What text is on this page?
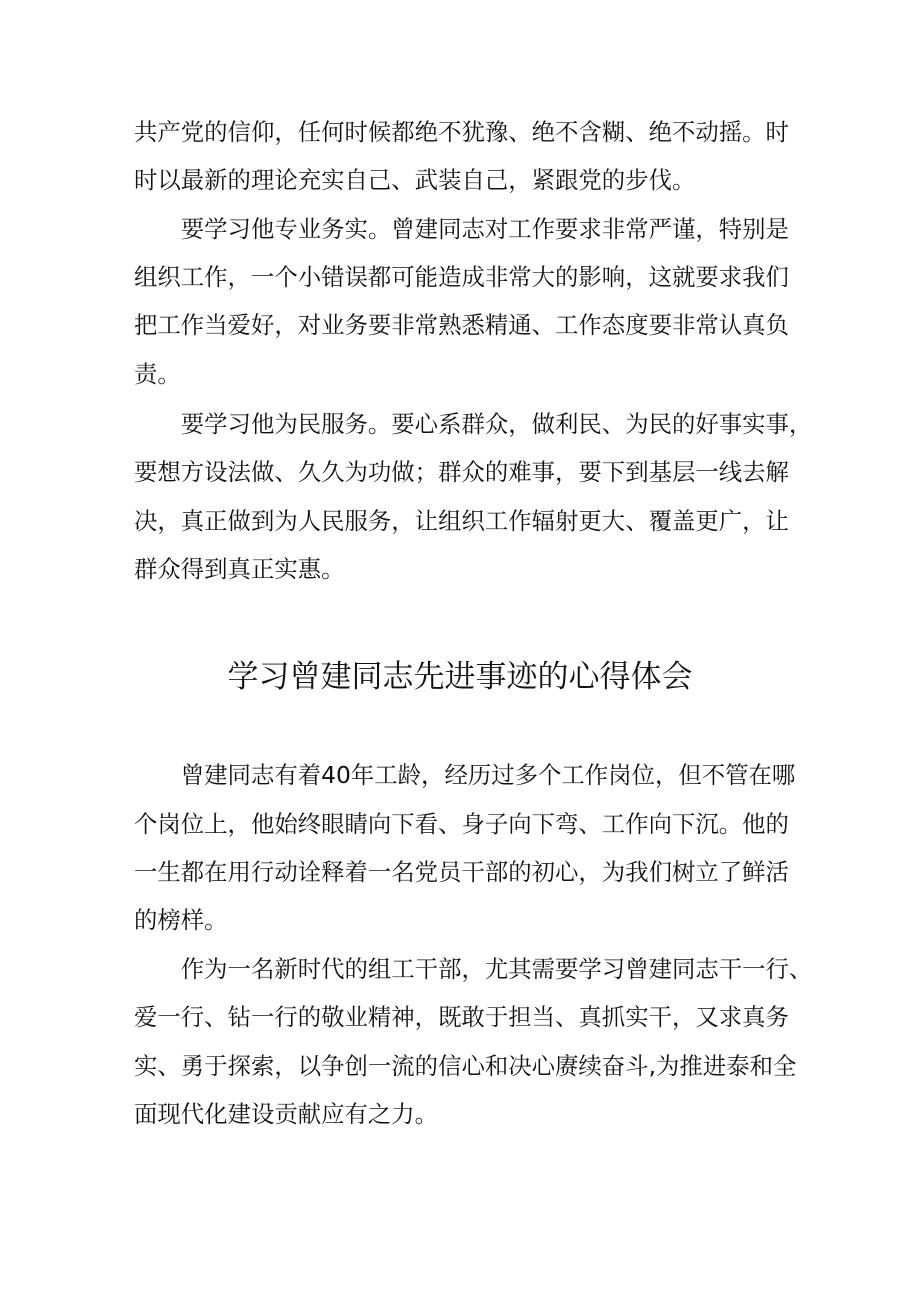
共产党的信仰，任何时候都绝不犹豫、绝不含糊、绝不动摇。时
时以最新的理论充实自己、武装自己，紧跟党的步伐。
　　要学习他专业务实。曾建同志对工作要求非常严谨，特别是
组织工作，一个小错误都可能造成非常大的影响，这就要求我们
把工作当爱好，对业务要非常熟悉精通、工作态度要非常认真负
责。
　　要学习他为民服务。要心系群众，做利民、为民的好事实事，
要想方设法做、久久为功做；群众的难事，要下到基层一线去解
决，真正做到为人民服务，让组织工作辐射更大、覆盖更广，让
群众得到真正实惠。
学习曾建同志先进事迹的心得体会
　　曾建同志有着40年工龄，经历过多个工作岗位，但不管在哪
个岗位上，他始终眼睛向下看、身子向下弯、工作向下沉。他的
一生都在用行动诠释着一名党员干部的初心，为我们树立了鲜活
的榜样。
　　作为一名新时代的组工干部，尤其需要学习曾建同志干一行、
爱一行、钻一行的敬业精神，既敢于担当、真抓实干，又求真务
实、勇于探索，以争创一流的信心和决心赓续奋斗,为推进泰和全
面现代化建设贡献应有之力。
